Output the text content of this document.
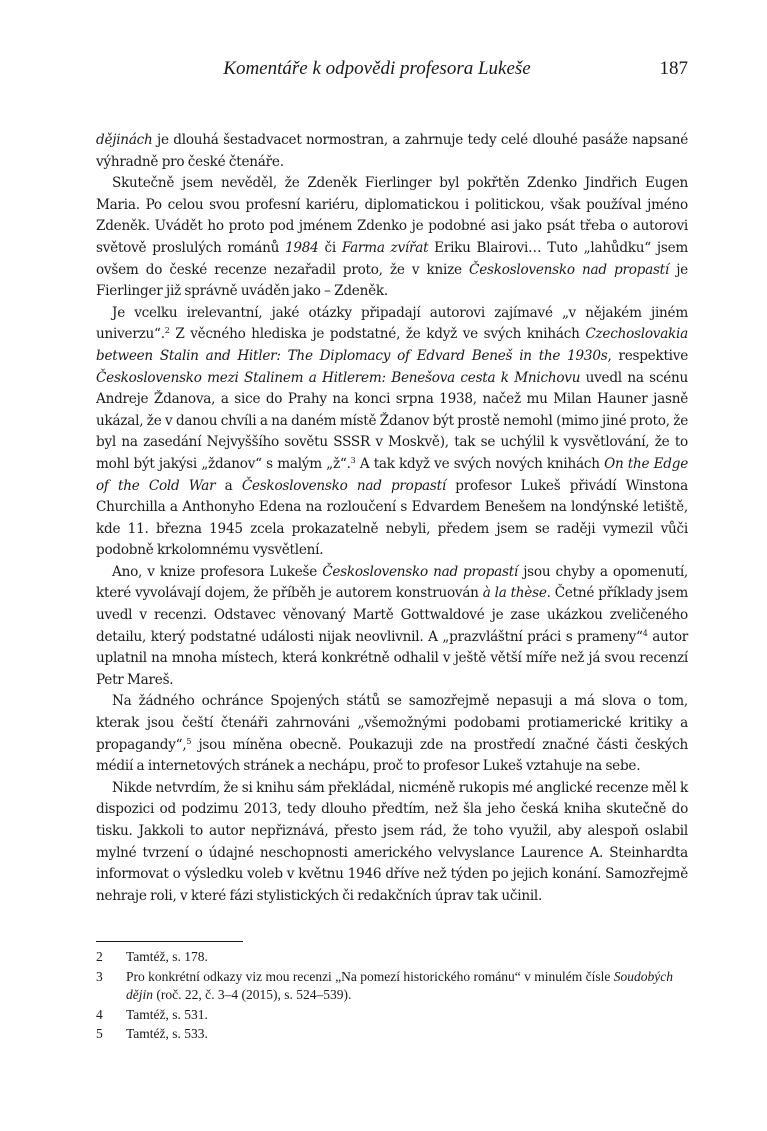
Komentáře k odpovědi profesora Lukeše	187

dějinách je dlouhá šestadvacet normostran, a zahrnuje tedy celé dlouhé pasáže napsané výhradně pro české čtenáře.

Skutečně jsem nevěděl, že Zdeněk Fierlinger byl pokřtěn Zdenko Jindřich Eugen Maria. Po celou svou profesní kariéru, diplomatickou i politickou, však používal jméno Zdeněk. Uvádět ho proto pod jménem Zdenko je podobné asi jako psát třeba o autorovi světově proslulých románů 1984 či Farma zvířat Eriku Blairovi… Tuto „lahůdku“ jsem ovšem do české recenze nezařadil proto, že v knize Československo nad propastí je Fierlinger již správně uváděn jako – Zdeněk.

Je vcelku irelevantní, jaké otázky připadají autorovi zajímavé „v nějakém jiném univerzu“.$^2$ Z věcného hlediska je podstatné, že když ve svých knihách Czechoslovakia between Stalin and Hitler: The Diplomacy of Edvard Beneš in the 1930s, respektive Československo mezi Stalinem a Hitlerem: Benešova cesta k Mnichovu uvedl na scénu Andreje Ždanova, a sice do Prahy na konci srpna 1938, načež mu Milan Hauner jasně ukázal, že v danou chvíli a na daném místě Ždanov být prostě nemohl (mimo jiné proto, že byl na zasedání Nejvyššího sovětu SSSR v Moskvě), tak se uchýlil k vysvětlování, že to mohl být jakýsi „ždanov“ s malým „ž“.$^3$ A tak když ve svých nových knihách On the Edge of the Cold War a Československo nad propastí profesor Lukeš přivádí Winstona Churchilla a Anthonyho Edena na rozloučení s Edvardem Benešem na londýnské letiště, kde 11. března 1945 zcela prokazatelně nebyli, předem jsem se raději vymezil vůči podobně krkolomnému vysvětlení.

Ano, v knize profesora Lukeše Československo nad propastí jsou chyby a opomenutí, které vyvolávají dojem, že příběh je autorem konstruován à la thèse. Četné příklady jsem uvedl v recenzi. Odstavec věnovaný Martě Gottwaldové je zase ukázkou zveličeného detailu, který podstatné události nijak neovlivnil. A „prazvláštní práci s prameny“$^4$ autor uplatnil na mnoha místech, která konkrétně odhalil v ještě větší míře než já svou recenzí Petr Mareš.

Na žádného ochránce Spojených států se samozřejmě nepasuji a má slova o tom, kterak jsou čeští čtenáři zahrnováni „všemožnými podobami protiamerické kritiky a propagandy“,$^5$ jsou míněna obecně. Poukazuji zde na prostředí značné části českých médií a internetových stránek a nechápu, proč to profesor Lukeš vztahuje na sebe.

Nikde netvrdím, že si knihu sám překládal, nicméně rukopis mé anglické recenze měl k dispozici od podzimu 2013, tedy dlouho předtím, než šla jeho česká kniha skutečně do tisku. Jakkoli to autor nepřiznává, přesto jsem rád, že toho využil, aby alespoň oslabil mylné tvrzení o údajné neschopnosti amerického velvyslance Laurence A. Steinhardta informovat o výsledku voleb v květnu 1946 dříve než týden po jejich konání. Samozřejmě nehraje roli, v které fázi stylistických či redakčních úprav tak učinil.

2	Tamtéž, s. 178.
3	Pro konkrétní odkazy viz mou recenzi „Na pomezí historického románu“ v minulém čísle Soudobých dějin (roč. 22, č. 3–4 (2015), s. 524–539).
4	Tamtéž, s. 531.
5	Tamtéž, s. 533.
